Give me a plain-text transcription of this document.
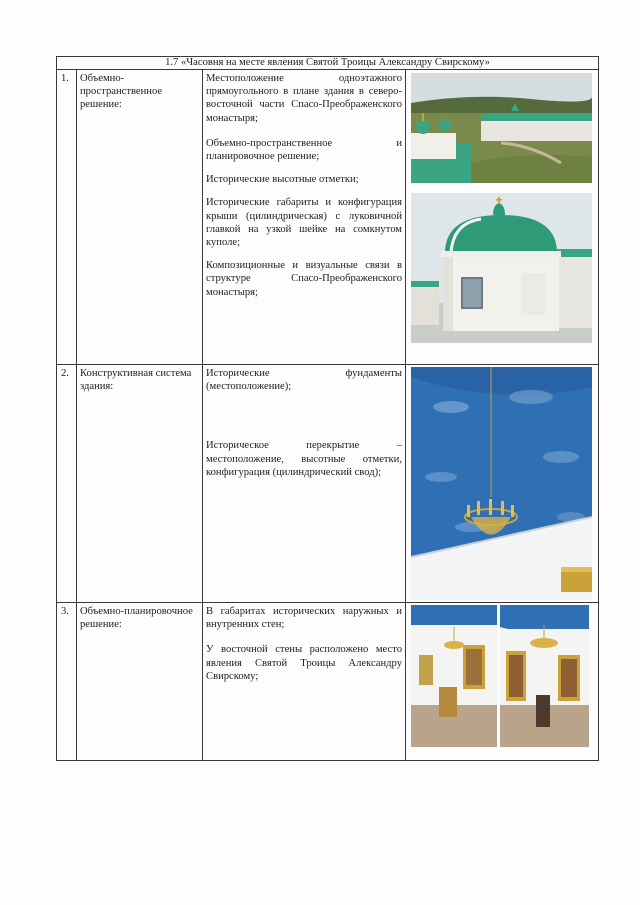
1.7 «Часовня на месте явления Святой Троицы Александру Свирскому»			
1.	Объемно-пространственное решение:	Местоположение одноэтажного прямоугольного в плане здания в северо-восточной части Спасо-Преображенского монастыря;

Объемно-пространственное и планировочное решение;

Исторические высотные отметки;

Исторические габариты и конфигурация крыши (цилиндрическая) с луковичной главкой на узкой шейке на сомкнутом куполе;

Композиционные и визуальные связи в структуре Спасо-Преображенского монастыря;

2.	Конструктивная система здания:	Исторические фундаменты (местоположение);

Историческое перекрытие – местоположение, высотные отметки, конфигурация (цилиндрический свод);

3.	Объемно-планировочное решение:	В габаритах исторических наружных и внутренних стен;

У восточной стены расположено место явления Святой Троицы Александру Свирскому;
